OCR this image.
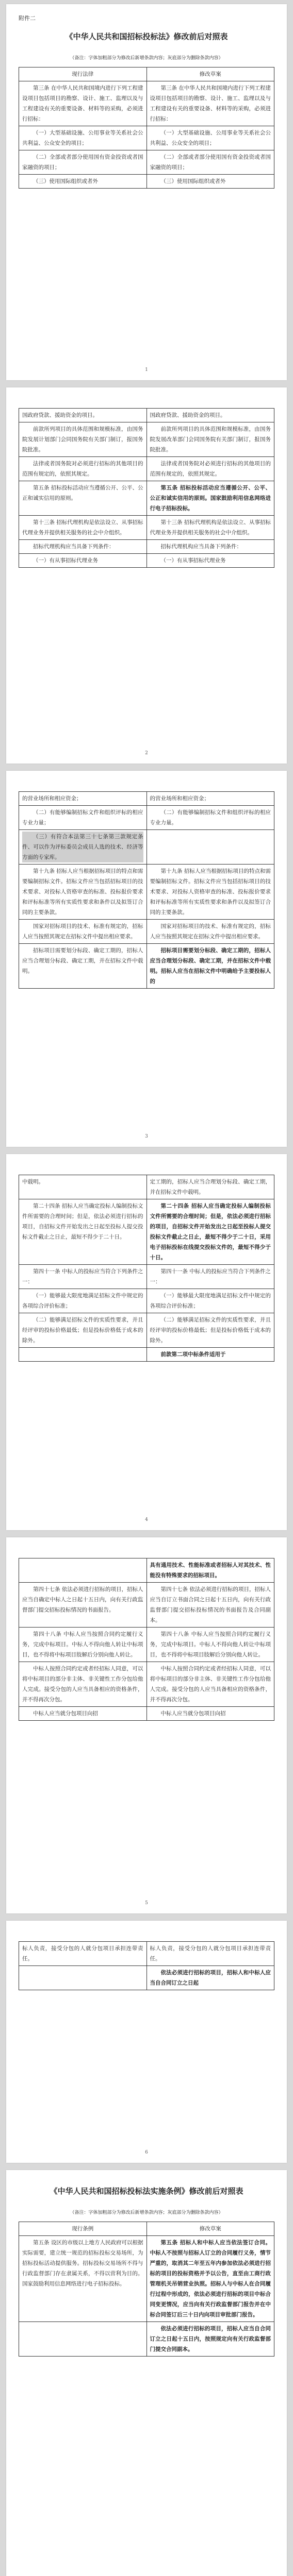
附件二
《中华人民共和国招标投标法》修改前后对照表
（备注：字体加粗部分为修改后新增条款内容；灰底部分为删除条款内容）
现行法律	修改草案

第三条 在中华人民共和国境内进行下列工程建设项目包括项目的勘察、设计、施工、监理以及与工程建设有关的重要设备、材料等的采购，必须进行招标：	第三条 在中华人民共和国境内进行下列工程建设项目包括项目的勘察、设计、施工、监理以及与工程建设有关的重要设备、材料等的采购，必须进行招标：

（一）大型基础设施、公用事业等关系社会公共利益、公众安全的项目；	（一）大型基础设施、公用事业等关系社会公共利益、公众安全的项目；

（二）全部或者部分使用国有资金投资或者国家融资的项目；	（二）全部或者部分使用国有资金投资或者国家融资的项目；

（三）使用国际组织或者外	（三）使用国际组织或者外
1
国政府贷款、援助资金的项目。	国政府贷款、援助资金的项目。

前款所列项目的具体范围和规模标准，由国务院发展计划部门会同国务院有关部门制订，报国务院批准。	前款所列项目的具体范围和规模标准，由国务院发展改革部门会同国务院有关部门制订，报国务院批准。

法律或者国务院对必须进行招标的其他项目的范围有规定的，依照其规定。	法律或者国务院对必须进行招标的其他项目的范围有规定的，依照其规定。

第五条 招标投标活动应当遵循公开、公平、公正和诚实信用的原则。	第五条 招标投标活动应当遵循公开、公平、公正和诚实信用的原则。国家鼓励利用信息网络进行电子招标投标。

第十三条 招标代理机构是依法设立、从事招标代理业务并提供相关服务的社会中介组织。	第十三条 招标代理机构是依法设立、从事招标代理业务并提供相关服务的社会中介组织。

招标代理机构应当具备下列条件：	招标代理机构应当具备下列条件：

（一）有从事招标代理业务	（一）有从事招标代理业务
2
的营业场所和相应资金；	的营业场所和相应资金；

（二）有能够编制招标文件和组织评标的相应专业力量；	（二）有能够编制招标文件和组织评标的相应专业力量。

（三）有符合本法第三十七条第三款规定条件、可以作为评标委员会成员人选的技术、经济等方面的专家库。	

第十九条 招标人应当根据招标项目的特点和需要编制招标文件。招标文件应当包括招标项目的技术要求、对投标人资格审查的标准、投标报价要求和评标标准等所有实质性要求和条件以及拟签订合同的主要条款。	第十九条 招标人应当根据招标项目的特点和需要编制招标文件。招标文件应当包括招标项目的技术要求、对投标人资格审查的标准、投标报价要求和评标标准等所有实质性要求和条件以及拟签订合同的主要条款。

国家对招标项目的技术、标准有规定的，招标人应当按照其规定在招标文件中提出相应要求。	国家对招标项目的技术、标准有规定的，招标人应当按照其规定在招标文件中提出相应要求。

招标项目需要划分标段、确定工期的，招标人应当合理划分标段、确定工期，并在招标文件中载明。	招标项目需要划分标段、确定工期的，招标人应当合理划分标段、确定工期，并在招标文件中载明。招标人应当在招标文件中明确给予主要投标人的
3
中载明。	定工期的，招标人应当合理划分标段、确定工期，并在招标文件中载明。

第二十四条 招标人应当确定投标人编制投标文件所需要的合理时间；但是，依法必须进行招标的项目，自招标文件开始发出之日起至投标人提交投标文件截止之日止，最短不得少于二十日。	第二十四条 招标人应当确定投标人编制投标文件所需要的合理时间；但是，依法必须进行招标的项目，自招标文件开始发出之日起至投标人提交投标文件截止之日止，最短不得少于二十日，采用电子招标投标在线提交投标文件的，最短不得少于十日。

第四十一条 中标人的投标应当符合下列条件之一：	第四十一条 中标人的投标应当符合下列条件之一：

（一）能够最大限度地满足招标文件中规定的各项综合评价标准；	（一）能够最大限度地满足招标文件中规定的各项综合评价标准；

（二）能够满足招标文件的实质性要求，并且经评审的投标价格最低；但是投标价格低于成本的除外。	（二）能够满足招标文件的实质性要求，并且经评审的投标价格最低；但是投标价格低于成本的除外。

	前款第二项中标条件适用于
4
	具有通用技术、性能标准或者招标人对其技术、性能没有特殊要求的招标项目。

第四十七条 依法必须进行招标的项目，招标人应当自确定中标人之日起十五日内，向有关行政监督部门提交招标投标情况的书面报告。	第四十七条 依法必须进行招标的项目，招标人应当自订立书面合同之日起十五日内，向有关行政监督部门提交招标投标情况的书面报告及合同副本。

第四十八条 中标人应当按照合同约定履行义务，完成中标项目。中标人不得向他人转让中标项目，也不得将中标项目肢解后分别向他人转让。	第四十八条 中标人应当按照合同约定履行义务，完成中标项目。中标人不得向他人转让中标项目，也不得将中标项目肢解后分别向他人转让。

中标人按照合同约定或者经招标人同意，可以将中标项目的部分非主体、非关键性工作分包给他人完成。接受分包的人应当具备相应的资格条件，并不得再次分包。	中标人按照合同约定或者经招标人同意，可以将中标项目的部分非主体、非关键性工作分包给他人完成。接受分包的人应当具备相应的资格条件，并不得再次分包。

中标人应当就分包项目向招	中标人应当就分包项目向招
5
标人负责，接受分包的人就分包项目承担连带责任。	标人负责，接受分包的人就分包项目承担连带责任。

	依法必须进行招标的项目，招标人和中标人应当自合同订立之日起
6
《中华人民共和国招标投标法实施条例》修改前后对照表
（备注：字体加粗部分为修改后新增条款内容；灰底部分为删除条款内容）
现行条例	修改草案

第五条 设区的市级以上地方人民政府可以根据实际需要，建立统一规范的招标投标交易场所，为招标投标活动提供服务。招标投标交易场所不得与行政监督部门存在隶属关系，不得以营利为目的。国家鼓励利用信息网络进行电子招标投标。	第五条 招标人和中标人应当依法签订合同。中标人不按照与招标人订立的合同履行义务，情节严重的，取消其二年至五年内参加依法必须进行招标的项目的投标资格并予以公告，直至由工商行政管理机关吊销营业执照。招标人与中标人在合同履行过程中形成的，依法必须进行招标的项目中标合同变更情况，应当向有关行政监督部门报告并在中标合同签订后三十日内向项目审批部门报告。

	依法必须进行招标的项目，招标人应当自合同订立之日起十五日内，按照规定向有关行政监督部门提交合同副本。
